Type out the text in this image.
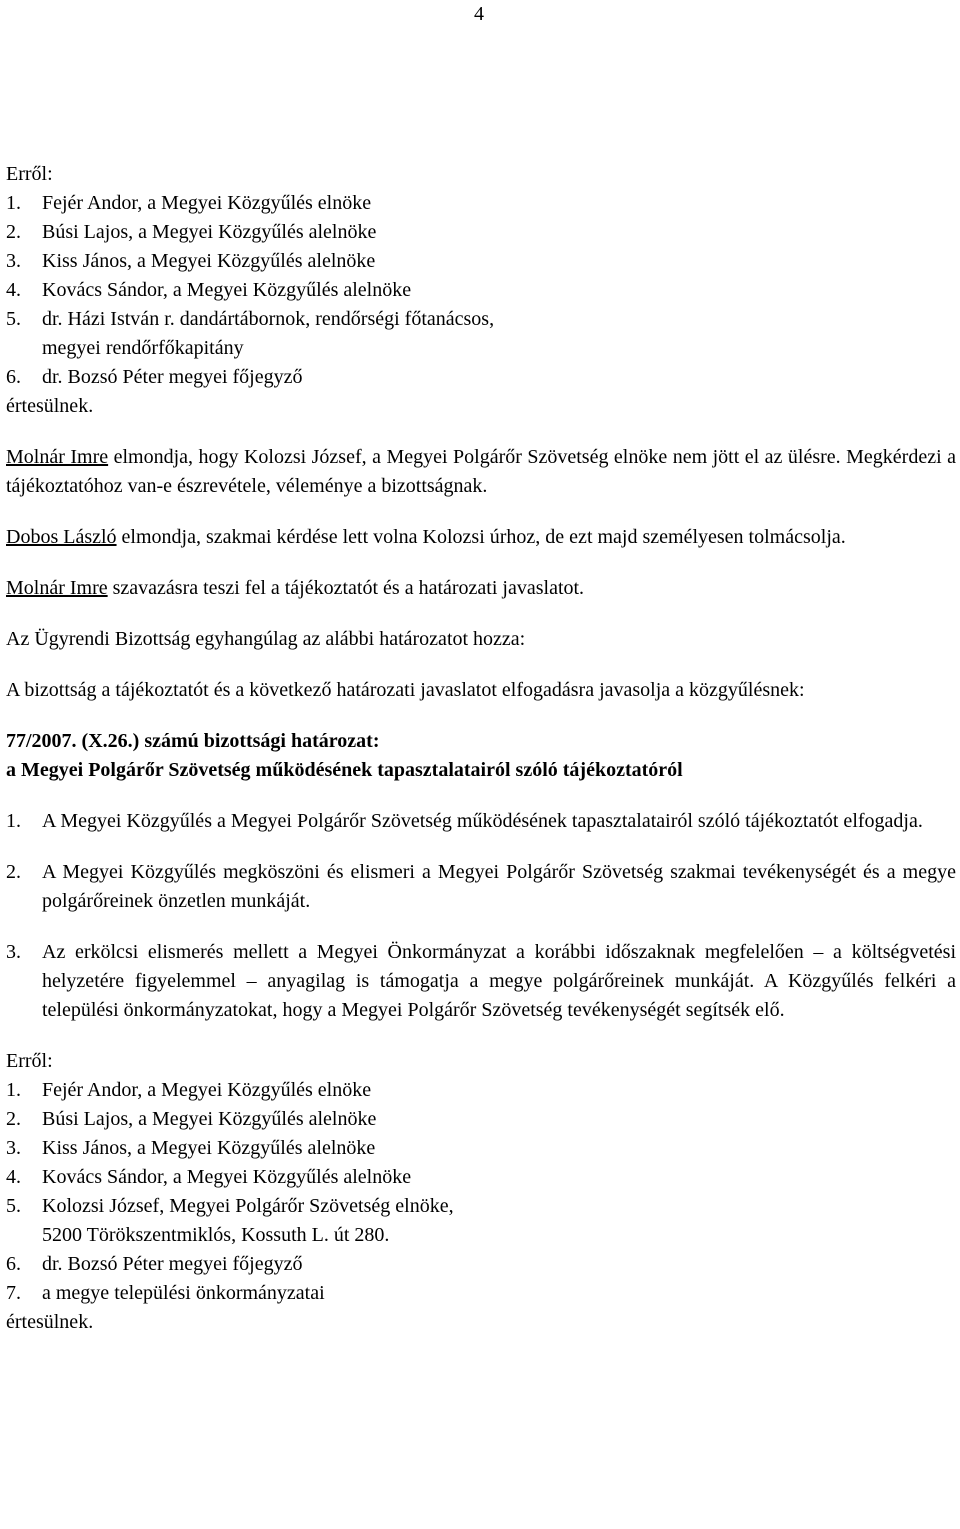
4

Erről:

1.	Fejér Andor, a Megyei Közgyűlés elnöke
2.	Búsi Lajos, a Megyei Közgyűlés alelnöke
3.	Kiss János, a Megyei Közgyűlés alelnöke
4.	Kovács Sándor, a Megyei Közgyűlés alelnöke
5.	dr. Házi István r. dandártábornok, rendőrségi főtanácsos,
megyei rendőrfőkapitány
6.	dr. Bozsó Péter megyei főjegyző

értesülnek.

Molnár Imre elmondja, hogy Kolozsi József, a Megyei Polgárőr Szövetség elnöke nem jött el az ülésre. Megkérdezi a tájékoztatóhoz van-e észrevétele, véleménye a bizottságnak.

Dobos László elmondja, szakmai kérdése lett volna Kolozsi úrhoz, de ezt majd személyesen tolmácsolja.

Molnár Imre szavazásra teszi fel a tájékoztatót és a határozati javaslatot.

Az Ügyrendi Bizottság egyhangúlag az alábbi határozatot hozza:

A bizottság a tájékoztatót és a következő határozati javaslatot elfogadásra javasolja a közgyűlésnek:

77/2007. (X.26.) számú bizottsági határozat:

a Megyei Polgárőr Szövetség működésének tapasztalatairól szóló tájékoztatóról

1.	A Megyei Közgyűlés a Megyei Polgárőr Szövetség működésének tapasztalatairól szóló tájékoztatót elfogadja.
2.	A Megyei Közgyűlés megköszöni és elismeri a Megyei Polgárőr Szövetség szakmai tevékenységét és a megye polgárőreinek önzetlen munkáját.
3.	Az erkölcsi elismerés mellett a Megyei Önkormányzat a korábbi időszaknak megfelelően – a költségvetési helyzetére figyelemmel – anyagilag is támogatja a megye polgárőreinek munkáját. A Közgyűlés felkéri a települési önkormányzatokat, hogy a Megyei Polgárőr Szövetség tevékenységét segítsék elő.

Erről:

1.	Fejér Andor, a Megyei Közgyűlés elnöke
2.	Búsi Lajos, a Megyei Közgyűlés alelnöke
3.	Kiss János, a Megyei Közgyűlés alelnöke
4.	Kovács Sándor, a Megyei Közgyűlés alelnöke
5.	Kolozsi József, Megyei Polgárőr Szövetség elnöke,
5200 Törökszentmiklós, Kossuth L. út 280.
6.	dr. Bozsó Péter megyei főjegyző
7.	a megye települési önkormányzatai

értesülnek.
